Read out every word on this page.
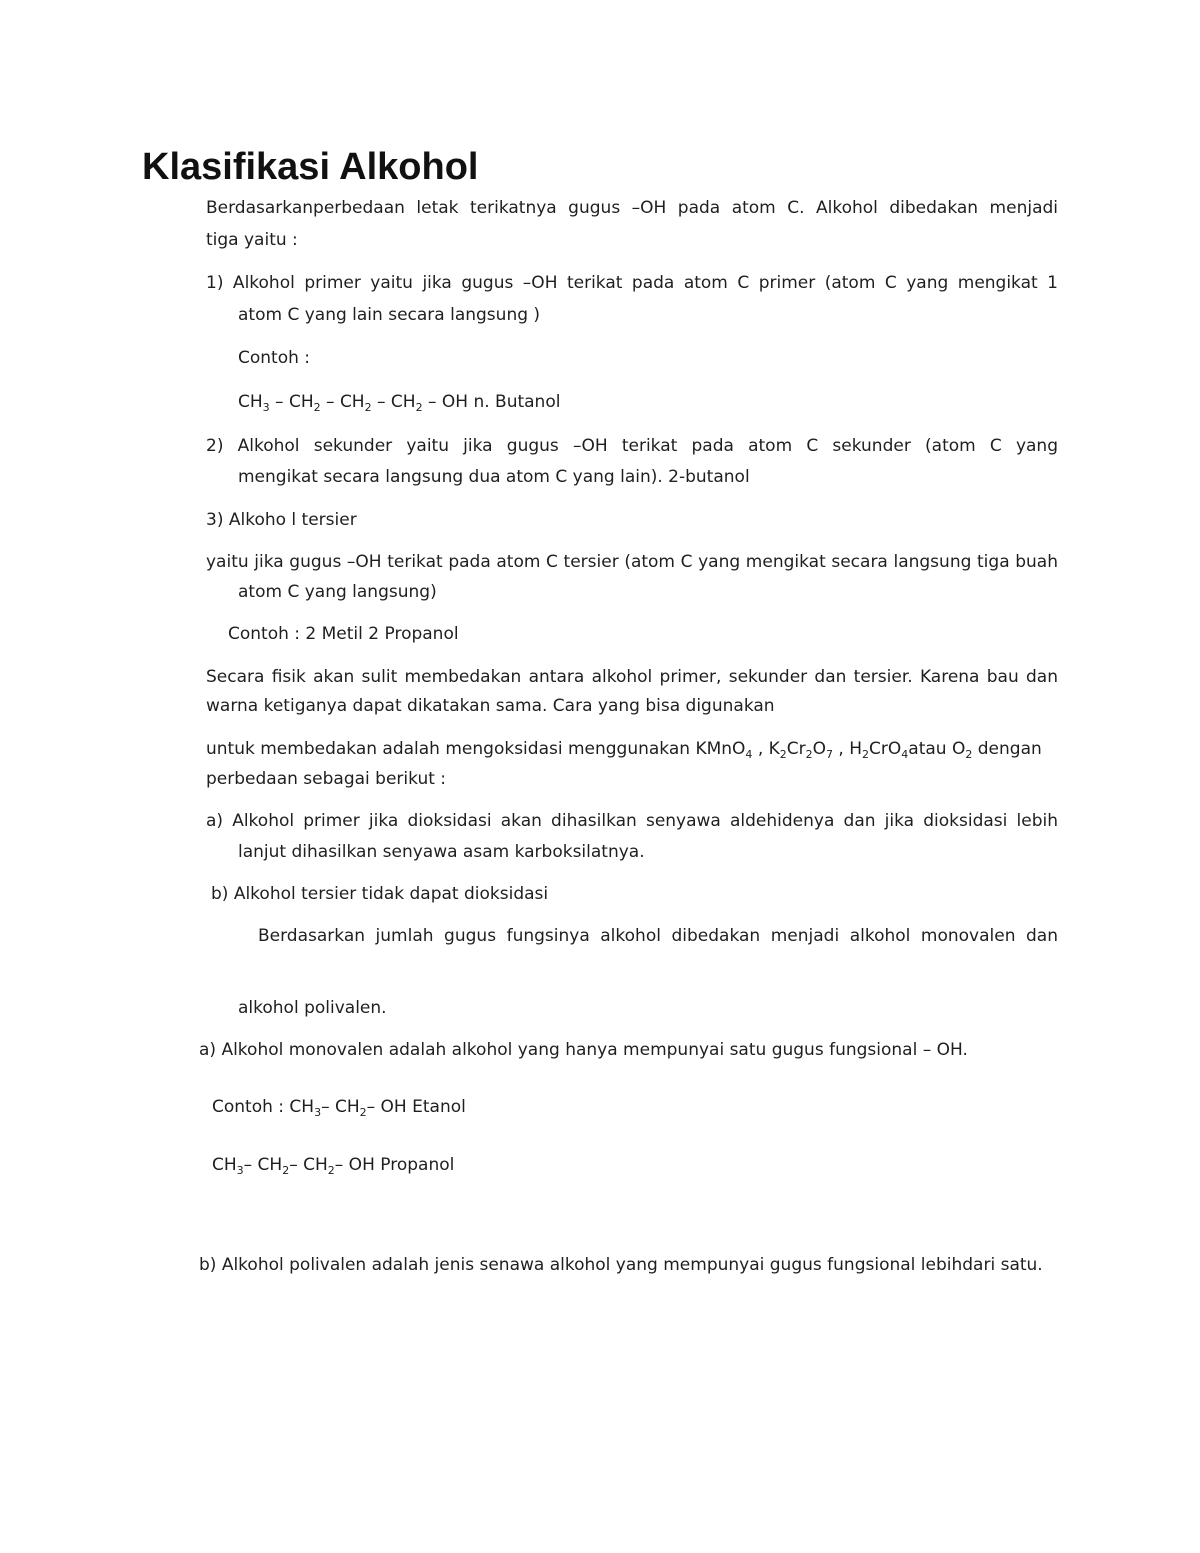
Klasifikasi Alkohol
Berdasarkanperbedaan letak terikatnya gugus –OH pada atom C. Alkohol dibedakan menjadi
tiga yaitu :
1) Alkohol primer yaitu jika gugus –OH terikat pada atom C primer (atom C yang mengikat 1
atom C yang lain secara langsung )
Contoh :
$CH_3 - CH_2 - CH_2 - CH_2$ – OH n. Butanol
2) Alkohol sekunder yaitu jika gugus –OH terikat pada atom C sekunder (atom C yang
mengikat secara langsung dua atom C yang lain). 2-butanol
3) Alkoho l tersier
yaitu jika gugus –OH terikat pada atom C tersier (atom C yang mengikat secara langsung tiga buah
atom C yang langsung)
Contoh : 2 Metil 2 Propanol
Secara fisik akan sulit membedakan antara alkohol primer, sekunder dan tersier. Karena bau dan
warna ketiganya dapat dikatakan sama. Cara yang bisa digunakan
untuk membedakan adalah mengoksidasi menggunakan KMnO$_4$ , $K_2Cr_2O_7$ , $H_2CrO_4atau$ $O_2$ dengan
perbedaan sebagai berikut :
a) Alkohol primer jika dioksidasi akan dihasilkan senyawa aldehidenya dan jika dioksidasi lebih
lanjut dihasilkan senyawa asam karboksilatnya.
b) Alkohol tersier tidak dapat dioksidasi
Berdasarkan jumlah gugus fungsinya alkohol dibedakan menjadi alkohol monovalen dan
alkohol polivalen.
a) Alkohol monovalen adalah alkohol yang hanya mempunyai satu gugus fungsional – OH.
Contoh : $CH_3-$ $CH_2-$ OH Etanol
$CH_3-$ $CH_2-$ $CH_2-$ OH Propanol
b) Alkohol polivalen adalah jenis senawa alkohol yang mempunyai gugus fungsional lebihdari satu.
